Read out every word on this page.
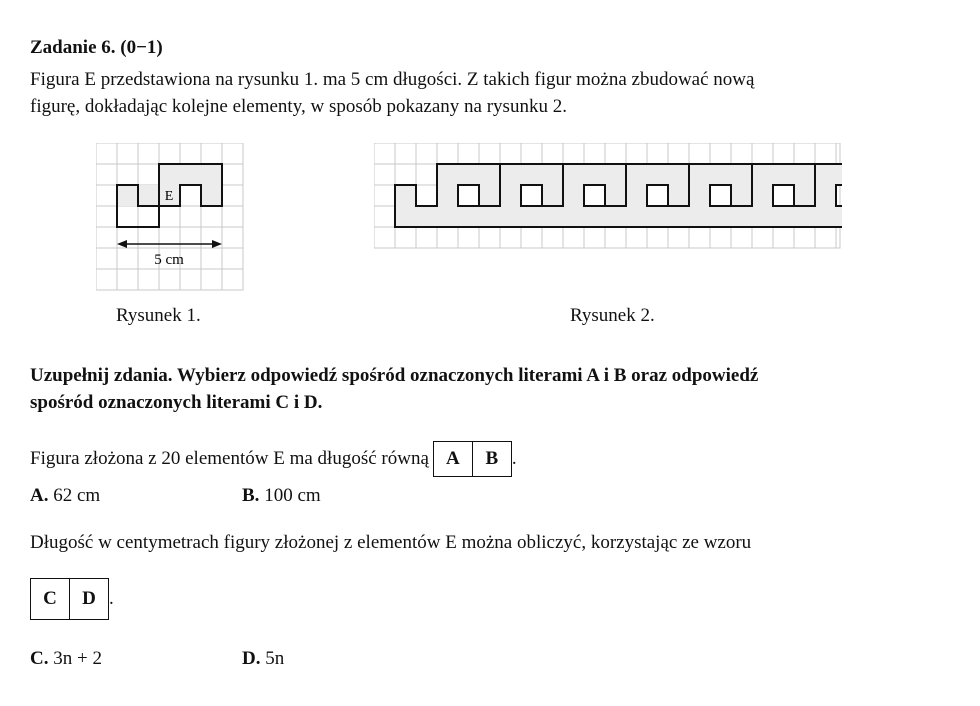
Zadanie 6. (0−1)
Figura E przedstawiona na rysunku 1. ma 5 cm długości. Z takich figur można zbudować nową
figurę, dokładając kolejne elementy, w sposób pokazany na rysunku 2.
E
5 cm
Rysunek 1.	Rysunek 2.
Uzupełnij zdania. Wybierz odpowiedź spośród oznaczonych literami A i B oraz odpowiedź
spośród oznaczonych literami C i D.
Figura złożona z 20 elementów E ma długość równą A	B .
A. 62 cm	B. 100 cm
Długość w centymetrach figury złożonej z elementów E można obliczyć, korzystając ze wzoru
C	D .
C. 3n + 2	D. 5n
